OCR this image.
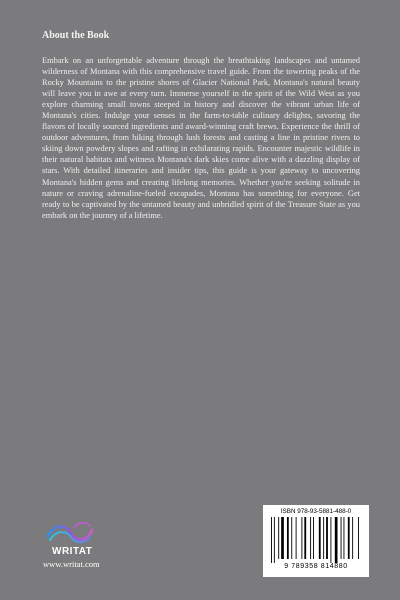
About the Book

Embark on an unforgettable adventure through the breathtaking landscapes and untamed wilderness of Montana with this comprehensive travel guide. From the towering peaks of the Rocky Mountains to the pristine shores of Glacier National Park, Montana's natural beauty will leave you in awe at every turn. Immerse yourself in the spirit of the Wild West as you explore charming small towns steeped in history and discover the vibrant urban life of Montana's cities. Indulge your senses in the farm-to-table culinary delights, savoring the flavors of locally sourced ingredients and award-winning craft brews. Experience the thrill of outdoor adventures, from hiking through lush forests and casting a line in pristine rivers to skiing down powdery slopes and rafting in exhilarating rapids. Encounter majestic wildlife in their natural habitats and witness Montana's dark skies come alive with a dazzling display of stars. With detailed itineraries and insider tips, this guide is your gateway to uncovering Montana's hidden gems and creating lifelong memories. Whether you're seeking solitude in nature or craving adrenaline-fueled escapades, Montana has something for everyone. Get ready to be captivated by the untamed beauty and unbridled spirit of the Treasure State as you embark on the journey of a lifetime.

WRITAT
www.writat.com
ISBN 978-93-5881-488-0
9 789358 814880
